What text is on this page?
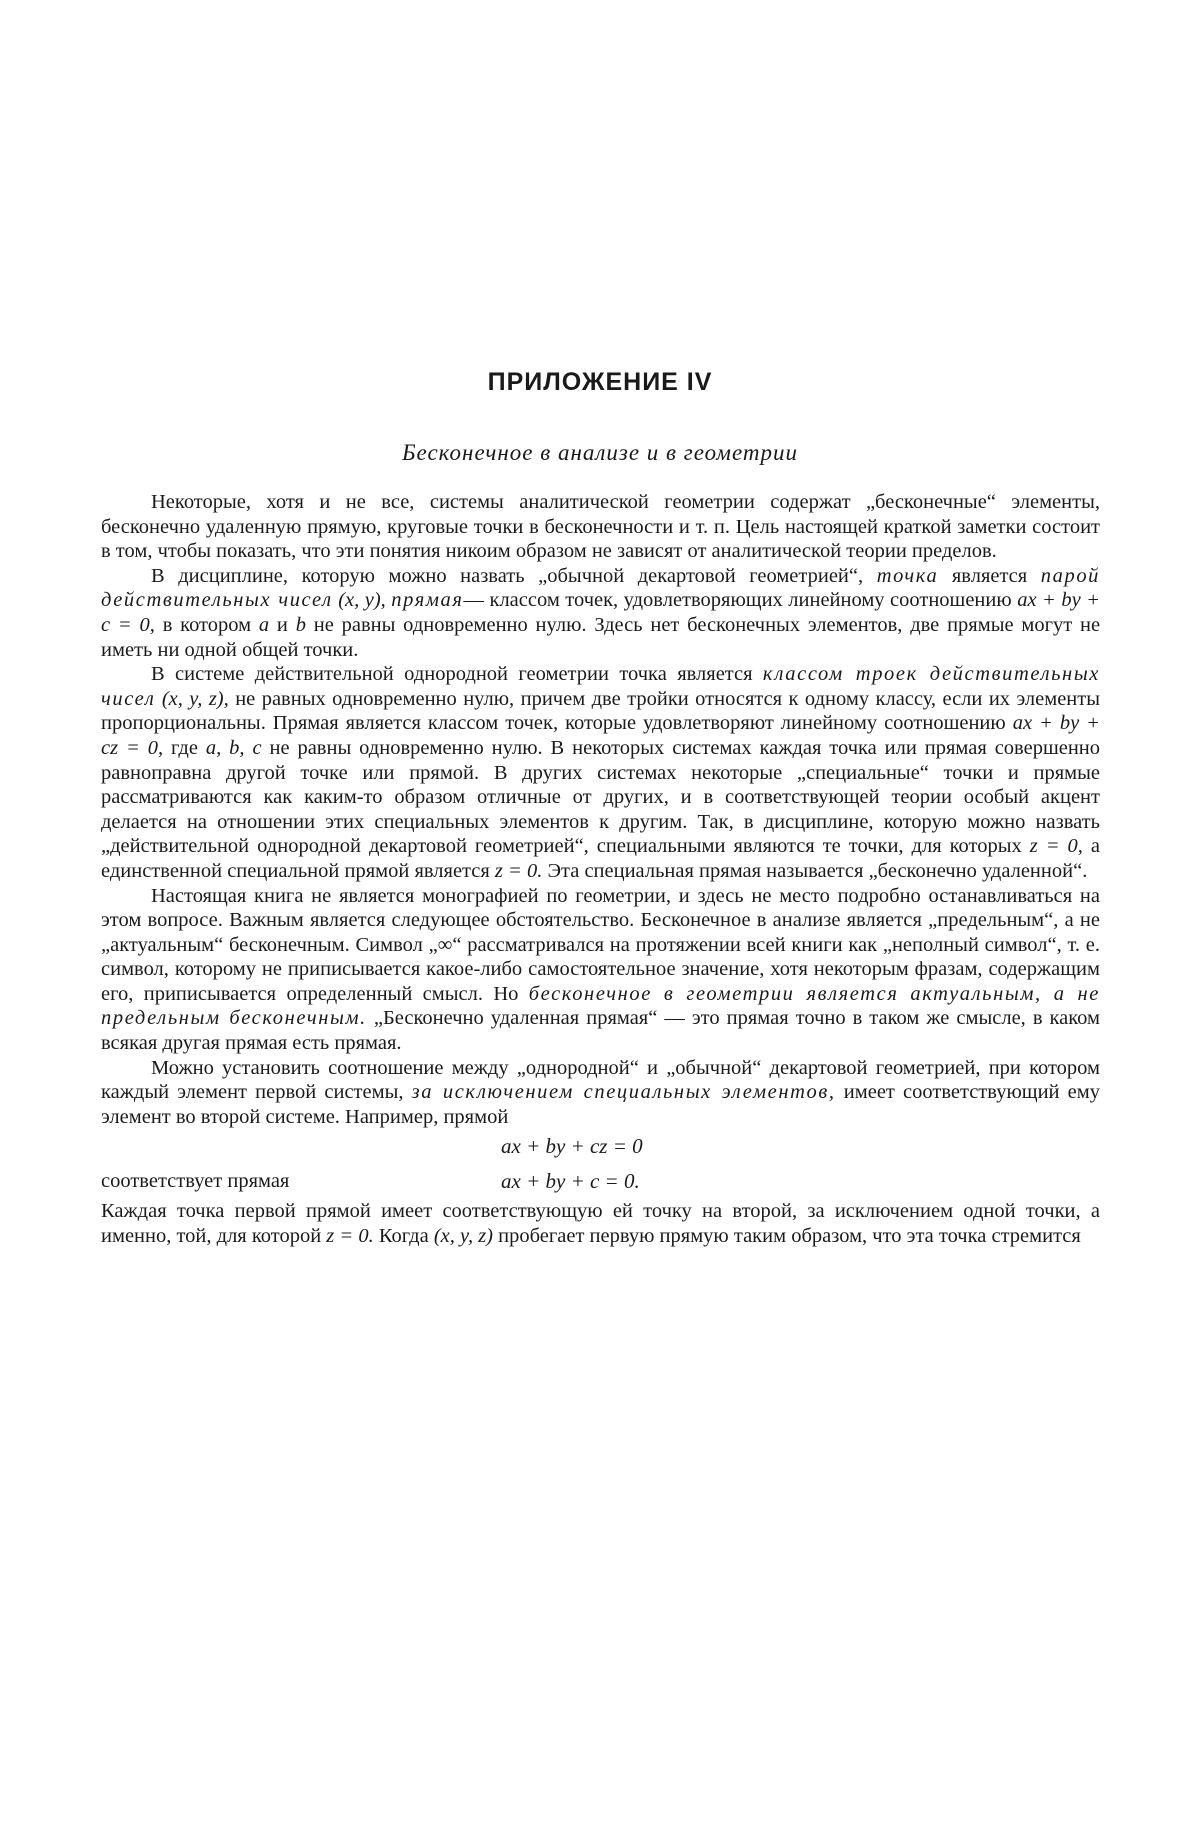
ПРИЛОЖЕНИЕ IV
Бесконечное в анализе и в геометрии

Некоторые, хотя и не все, системы аналитической геометрии содержат „бесконечные“ элементы, бесконечно удаленную прямую, круговые точки в бесконечности и т. п. Цель настоящей краткой заметки состоит в том, чтобы показать, что эти понятия никоим образом не зависят от аналитической теории пределов.

В дисциплине, которую можно назвать „обычной декартовой геометрией“, точка является парой действительных чисел (x, y), прямая— классом точек, удовлетворяющих линейному соотношению ax + by + c = 0, в котором a и b не равны одновременно нулю. Здесь нет бесконечных элементов, две прямые могут не иметь ни одной общей точки.

В системе действительной однородной геометрии точка является классом троек действительных чисел (x, y, z), не равных одновременно нулю, причем две тройки относятся к одному классу, если их элементы пропорциональны. Прямая является классом точек, которые удовлетворяют линейному соотношению ax + by + cz = 0, где a, b, c не равны одновременно нулю. В некоторых системах каждая точка или прямая совершенно равноправна другой точке или прямой. В других системах некоторые „специальные“ точки и прямые рассматриваются как каким-то образом отличные от других, и в соответствующей теории особый акцент делается на отношении этих специальных элементов к другим. Так, в дисциплине, которую можно назвать „действительной однородной декартовой геометрией“, специальными являются те точки, для которых z = 0, а единственной специальной прямой является z = 0. Эта специальная прямая называется „бесконечно удаленной“.

Настоящая книга не является монографией по геометрии, и здесь не место подробно останавливаться на этом вопросе. Важным является следующее обстоятельство. Бесконечное в анализе является „предельным“, а не „актуальным“ бесконечным. Символ „∞“ рассматривался на протяжении всей книги как „неполный символ“, т. е. символ, которому не приписывается какое-либо самостоятельное значение, хотя некоторым фразам, содержащим его, приписывается определенный смысл. Но бесконечное в геометрии является актуальным, а не предельным бесконечным. „Бесконечно удаленная прямая“ — это прямая точно в таком же смысле, в каком всякая другая прямая есть прямая.

Можно установить соотношение между „однородной“ и „обычной“ декартовой геометрией, при котором каждый элемент первой системы, за исключением специальных элементов, имеет соответствующий ему элемент во второй системе. Например, прямой

ax + by + cz = 0
соответствует прямая	ax + by + c = 0.

Каждая точка первой прямой имеет соответствующую ей точку на второй, за исключением одной точки, а именно, той, для которой z = 0. Когда (x, y, z) пробегает первую прямую таким образом, что эта точка стремится
